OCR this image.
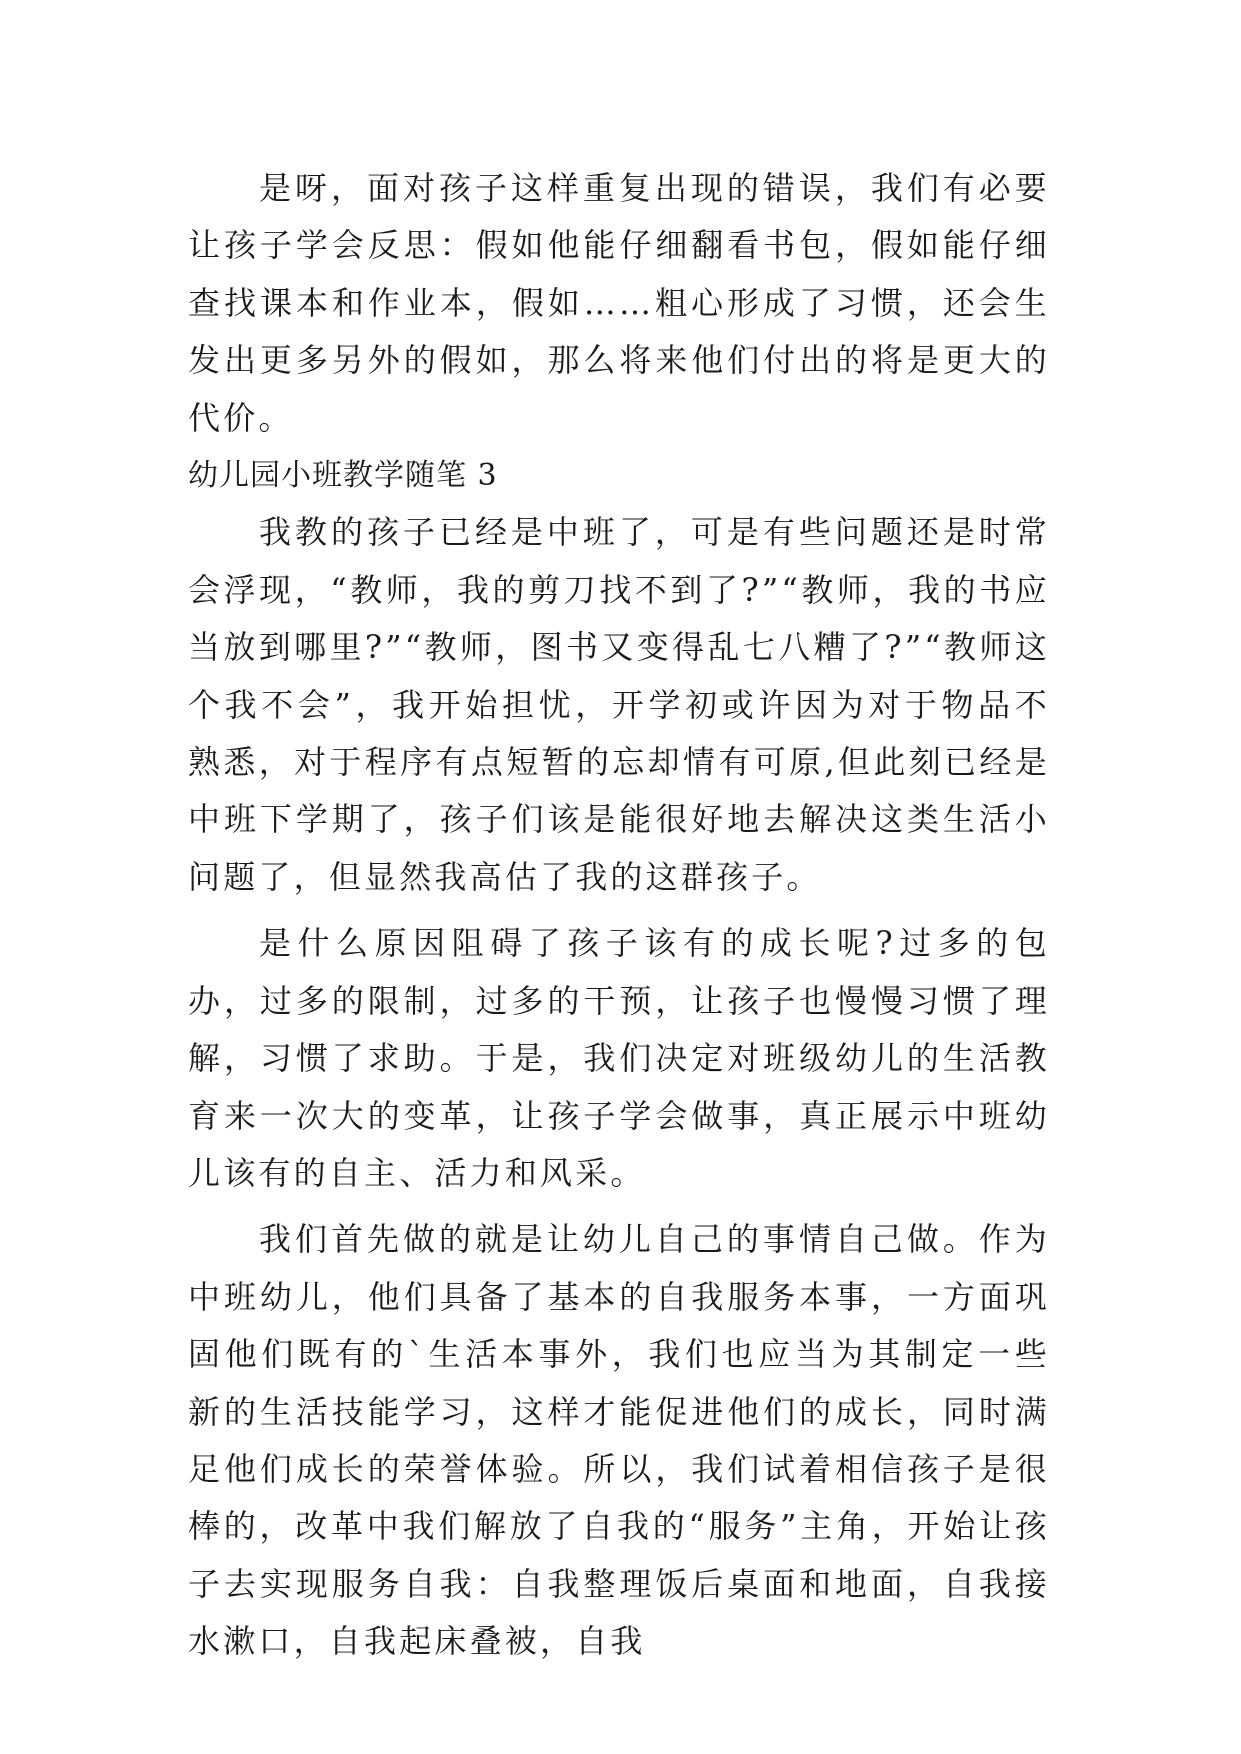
是呀，面对孩子这样重复出现的错误，我们有必要让孩子学会反思：假如他能仔细翻看书包，假如能仔细查找课本和作业本，假如……粗心形成了习惯，还会生发出更多另外的假如，那么将来他们付出的将是更大的代价。

幼儿园小班教学随笔 3

我教的孩子已经是中班了，可是有些问题还是时常会浮现，“教师，我的剪刀找不到了?”“教师，我的书应当放到哪里?”“教师，图书又变得乱七八糟了?”“教师这个我不会”，我开始担忧，开学初或许因为对于物品不熟悉，对于程序有点短暂的忘却情有可原,但此刻已经是中班下学期了，孩子们该是能很好地去解决这类生活小问题了，但显然我高估了我的这群孩子。

是什么原因阻碍了孩子该有的成长呢?过多的包办，过多的限制，过多的干预，让孩子也慢慢习惯了理解，习惯了求助。于是，我们决定对班级幼儿的生活教育来一次大的变革，让孩子学会做事，真正展示中班幼儿该有的自主、活力和风采。

我们首先做的就是让幼儿自己的事情自己做。作为中班幼儿，他们具备了基本的自我服务本事，一方面巩固他们既有的`生活本事外，我们也应当为其制定一些新的生活技能学习，这样才能促进他们的成长，同时满足他们成长的荣誉体验。所以，我们试着相信孩子是很棒的，改革中我们解放了自我的“服务”主角，开始让孩子去实现服务自我：自我整理饭后桌面和地面，自我接水漱口，自我起床叠被，自我
